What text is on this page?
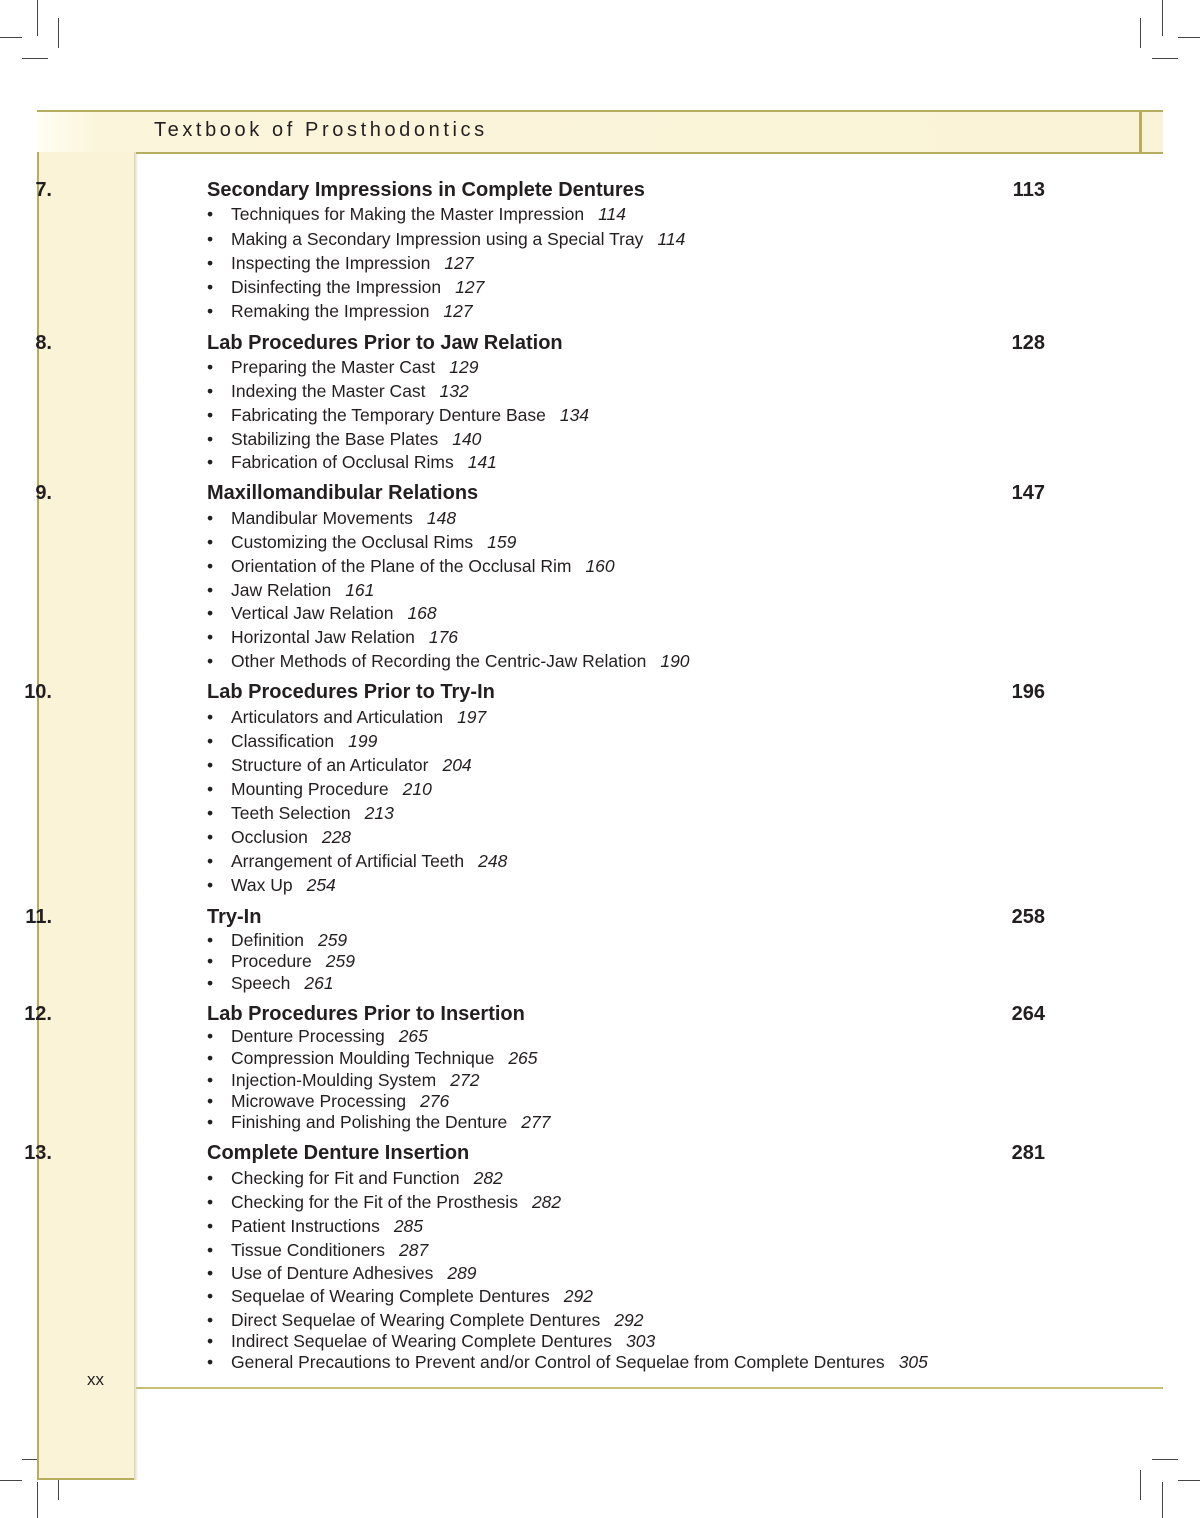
Textbook of Prosthodontics
xx
7.	Secondary Impressions in Complete Dentures	113
• Techniques for Making the Master Impression 114
• Making a Secondary Impression using a Special Tray 114
• Inspecting the Impression 127
• Disinfecting the Impression 127
• Remaking the Impression 127
8.	Lab Procedures Prior to Jaw Relation	128
• Preparing the Master Cast 129
• Indexing the Master Cast 132
• Fabricating the Temporary Denture Base 134
• Stabilizing the Base Plates 140
• Fabrication of Occlusal Rims 141
9.	Maxillomandibular Relations	147
• Mandibular Movements 148
• Customizing the Occlusal Rims 159
• Orientation of the Plane of the Occlusal Rim 160
• Jaw Relation 161
• Vertical Jaw Relation 168
• Horizontal Jaw Relation 176
• Other Methods of Recording the Centric-Jaw Relation 190
10.	Lab Procedures Prior to Try-In	196
• Articulators and Articulation 197
• Classification 199
• Structure of an Articulator 204
• Mounting Procedure 210
• Teeth Selection 213
• Occlusion 228
• Arrangement of Artificial Teeth 248
• Wax Up 254
11.	Try-In	258
• Definition 259
• Procedure 259
• Speech 261
12.	Lab Procedures Prior to Insertion	264
• Denture Processing 265
• Compression Moulding Technique 265
• Injection-Moulding System 272
• Microwave Processing 276
• Finishing and Polishing the Denture 277
13.	Complete Denture Insertion	281
• Checking for Fit and Function 282
• Checking for the Fit of the Prosthesis 282
• Patient Instructions 285
• Tissue Conditioners 287
• Use of Denture Adhesives 289
• Sequelae of Wearing Complete Dentures 292
• Direct Sequelae of Wearing Complete Dentures 292
• Indirect Sequelae of Wearing Complete Dentures 303
• General Precautions to Prevent and/or Control of Sequelae from Complete Dentures 305
